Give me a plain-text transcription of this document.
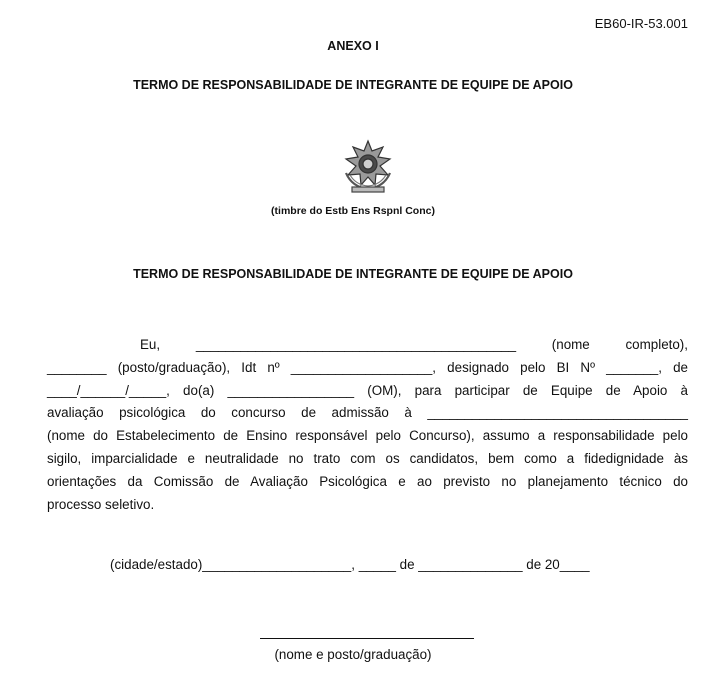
EB60-IR-53.001
ANEXO I
TERMO DE RESPONSABILIDADE DE INTEGRANTE DE EQUIPE DE APOIO
(timbre do Estb Ens Rspnl Conc)
TERMO DE RESPONSABILIDADE DE INTEGRANTE DE EQUIPE DE APOIO
Eu, ___________________________________________ (nome completo),
________ (posto/graduação), Idt nº ___________________, designado pelo BI Nº _______, de
____/______/_____, do(a) _________________ (OM), para participar de Equipe de Apoio à
avaliação psicológica do concurso de admissão à ___________________________________
(nome do Estabelecimento de Ensino responsável pelo Concurso), assumo a responsabilidade pelo
sigilo, imparcialidade e neutralidade no trato com os candidatos, bem como a fidedignidade às
orientações da Comissão de Avaliação Psicológica e ao previsto no planejamento técnico do
processo seletivo.
(cidade/estado)____________________, _____ de ______________ de 20____
(nome e posto/graduação)
